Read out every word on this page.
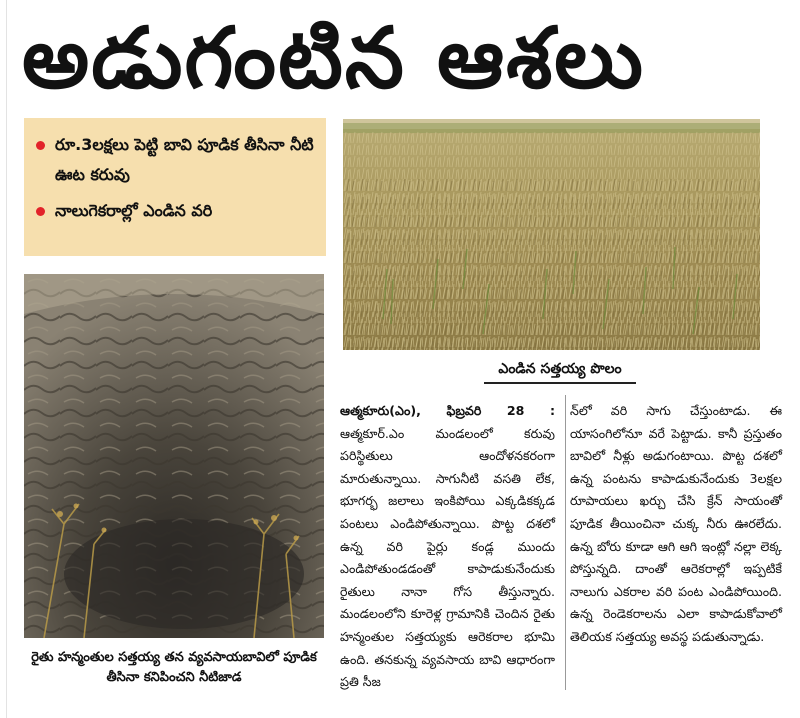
అడుగంటిన ఆశలు
రూ.3లక్షలు పెట్టి బావి పూడిక తీసినా నీటి ఊట కరువు
నాలుగెకరాల్లో ఎండిన వరి
ఎండిన సత్తయ్య పొలం
రైతు హన్మంతుల సత్తయ్య తన వ్యవసాయబావిలో పూడిక తీసినా కనిపించని నీటిజాడ
ఆత్మకూరు(ఎం), ఫిబ్రవరి 28 : ఆత్మకూర్.ఎం మండలంలో కరువు పరిస్థితులు ఆందోళనకరంగా మారుతున్నాయి. సాగునీటి వసతి లేక, భూగర్భ జలాలు ఇంకిపోయి ఎక్కడికక్కడ పంటలు ఎండిపోతున్నాయి. పొట్ట దశలో ఉన్న వరి పైర్లు కండ్ల ముందు ఎండిపోతుండడంతో కాపాడుకునేందుకు రైతులు నానా గోస తీస్తున్నారు. మండలంలోని కూరెళ్ల గ్రామానికి చెందిన రైతు హన్మంతుల సత్తయ్యకు ఆరెకరాల భూమి ఉంది. తనకున్న వ్యవసాయ బావి ఆధారంగా ప్రతి సీజ
న్‌లో వరి సాగు చేస్తుంటాడు. ఈ యాసంగిలోనూ వరే పెట్టాడు. కానీ ప్రస్తుతం బావిలో నీళ్లు అడుగంటాయి. పొట్ట దశలో ఉన్న పంటను కాపాడుకునేందుకు 3లక్షల రూపాయలు ఖర్చు చేసి క్రేన్ సాయంతో పూడిక తీయించినా చుక్క నీరు ఊరలేదు. ఉన్న బోరు కూడా ఆగి ఆగి ఇంట్లో నల్లా లెక్క పోస్తున్నది. దాంతో ఆరెకరాల్లో ఇప్పటికే నాలుగు ఎకరాల వరి పంట ఎండిపోయింది. ఉన్న రెండెకరాలను ఎలా కాపాడుకోవాలో తెలియక సత్తయ్య అవస్థ పడుతున్నాడు.
